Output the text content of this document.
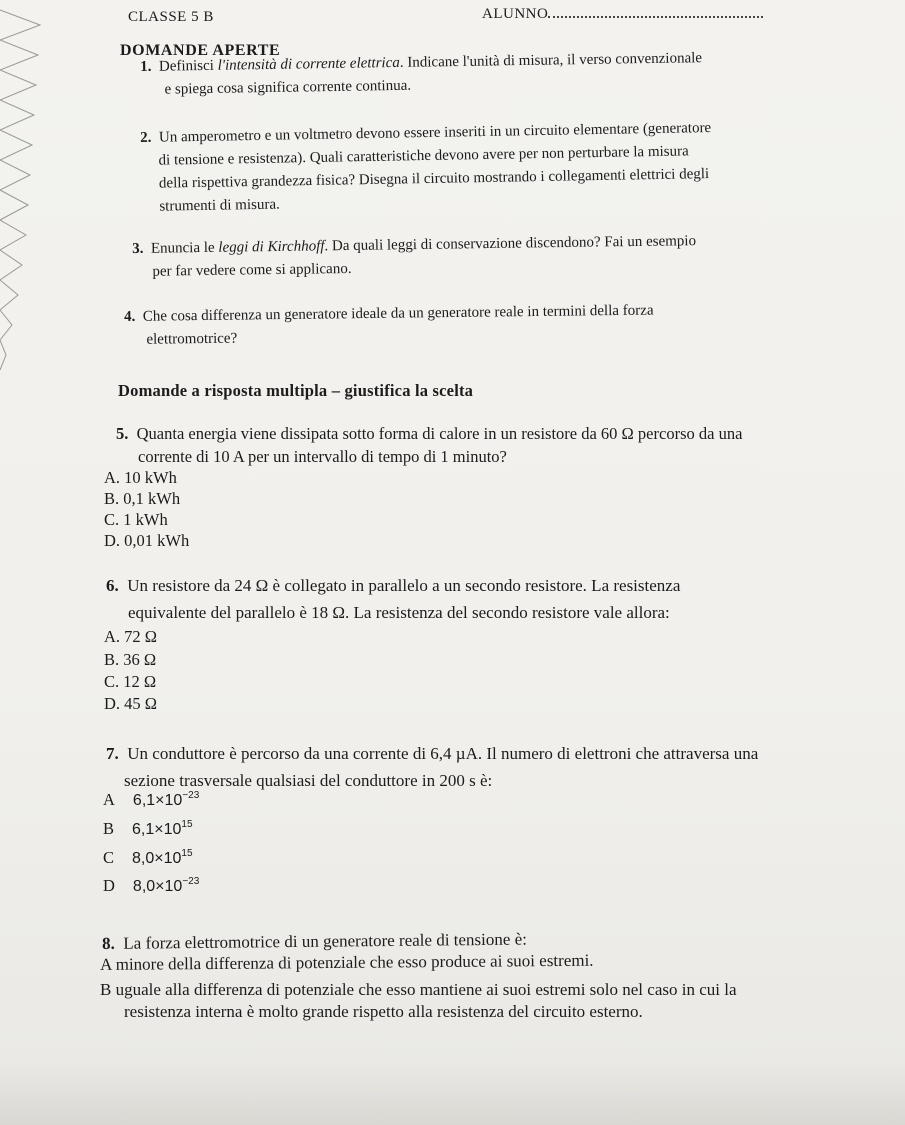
CLASSE 5 B	ALUNNO
DOMANDE APERTE
1. Definisci l'intensità di corrente elettrica. Indicane l'unità di misura, il verso convenzionale
e spiega cosa significa corrente continua.
2. Un amperometro e un voltmetro devono essere inseriti in un circuito elementare (generatore
di tensione e resistenza). Quali caratteristiche devono avere per non perturbare la misura
della rispettiva grandezza fisica? Disegna il circuito mostrando i collegamenti elettrici degli
strumenti di misura.
3. Enuncia le leggi di Kirchhoff. Da quali leggi di conservazione discendono? Fai un esempio
per far vedere come si applicano.
4. Che cosa differenza un generatore ideale da un generatore reale in termini della forza
elettromotrice?
Domande a risposta multipla – giustifica la scelta
5. Quanta energia viene dissipata sotto forma di calore in un resistore da 60 Ω percorso da una
corrente di 10 A per un intervallo di tempo di 1 minuto?
A. 10 kWh
B. 0,1 kWh
C. 1 kWh
D. 0,01 kWh
6. Un resistore da 24 Ω è collegato in parallelo a un secondo resistore. La resistenza
equivalente del parallelo è 18 Ω. La resistenza del secondo resistore vale allora:
A. 72 Ω
B. 36 Ω
C. 12 Ω
D. 45 Ω
7. Un conduttore è percorso da una corrente di 6,4 µA. Il numero di elettroni che attraversa una
sezione trasversale qualsiasi del conduttore in 200 s è:
A $6,1\times 10^{-23}$
B $6,1\times 10^{15}$
C $8,0\times 10^{15}$
D $8,0\times 10^{-23}$
8. La forza elettromotrice di un generatore reale di tensione è:
A minore della differenza di potenziale che esso produce ai suoi estremi.
B uguale alla differenza di potenziale che esso mantiene ai suoi estremi solo nel caso in cui la
resistenza interna è molto grande rispetto alla resistenza del circuito esterno.
